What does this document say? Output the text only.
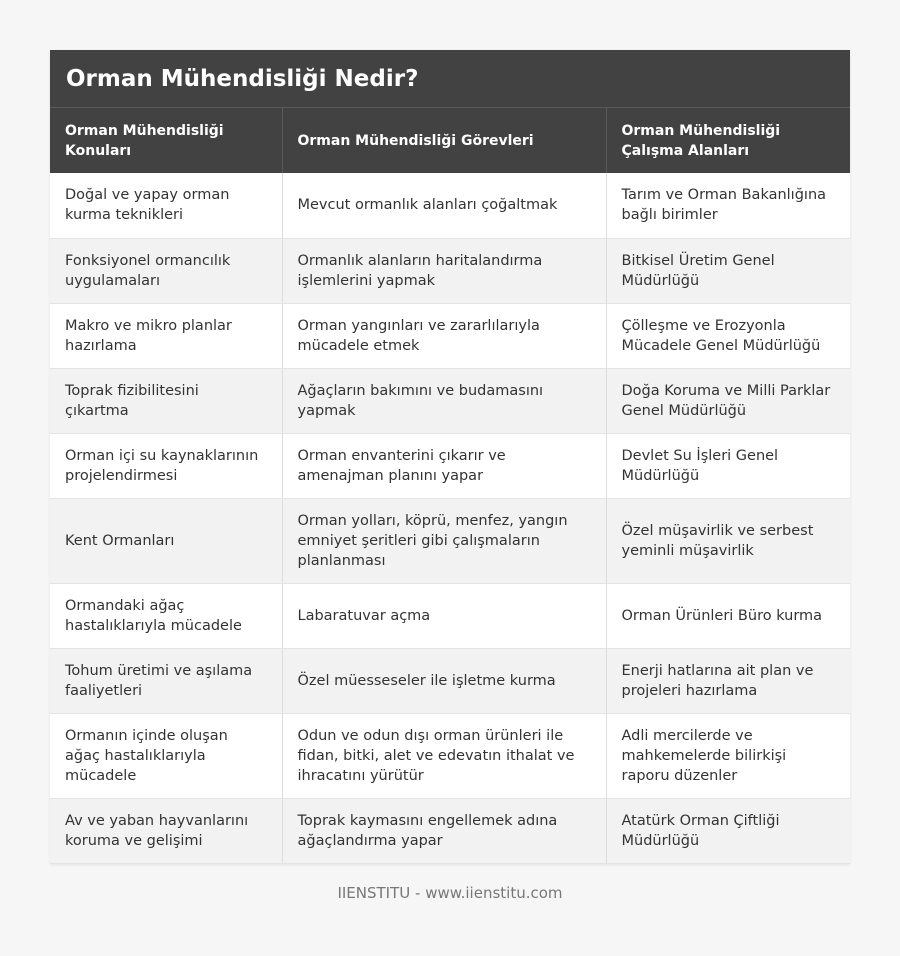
Orman Mühendisliği Nedir?
Orman Mühendisliği Konuları	Orman Mühendisliği Görevleri	Orman Mühendisliği Çalışma Alanları
Doğal ve yapay orman kurma teknikleri	Mevcut ormanlık alanları çoğaltmak	Tarım ve Orman Bakanlığına bağlı birimler
Fonksiyonel ormancılık uygulamaları	Ormanlık alanların haritalandırma işlemlerini yapmak	Bitkisel Üretim Genel Müdürlüğü
Makro ve mikro planlar hazırlama	Orman yangınları ve zararlılarıyla mücadele etmek	Çölleşme ve Erozyonla Mücadele Genel Müdürlüğü
Toprak fizibilitesini çıkartma	Ağaçların bakımını ve budamasını yapmak	Doğa Koruma ve Milli Parklar Genel Müdürlüğü
Orman içi su kaynaklarının projelendirmesi	Orman envanterini çıkarır ve amenajman planını yapar	Devlet Su İşleri Genel Müdürlüğü
Kent Ormanları	Orman yolları, köprü, menfez, yangın emniyet şeritleri gibi çalışmaların planlanması	Özel müşavirlik ve serbest yeminli müşavirlik
Ormandaki ağaç hastalıklarıyla mücadele	Labaratuvar açma	Orman Ürünleri Büro kurma
Tohum üretimi ve aşılama faaliyetleri	Özel müesseseler ile işletme kurma	Enerji hatlarına ait plan ve projeleri hazırlama
Ormanın içinde oluşan ağaç hastalıklarıyla mücadele	Odun ve odun dışı orman ürünleri ile fidan, bitki, alet ve edevatın ithalat ve ihracatını yürütür	Adli mercilerde ve mahkemelerde bilirkişi raporu düzenler
Av ve yaban hayvanlarını koruma ve gelişimi	Toprak kaymasını engellemek adına ağaçlandırma yapar	Atatürk Orman Çiftliği Müdürlüğü
IIENSTITU - www.iienstitu.com
